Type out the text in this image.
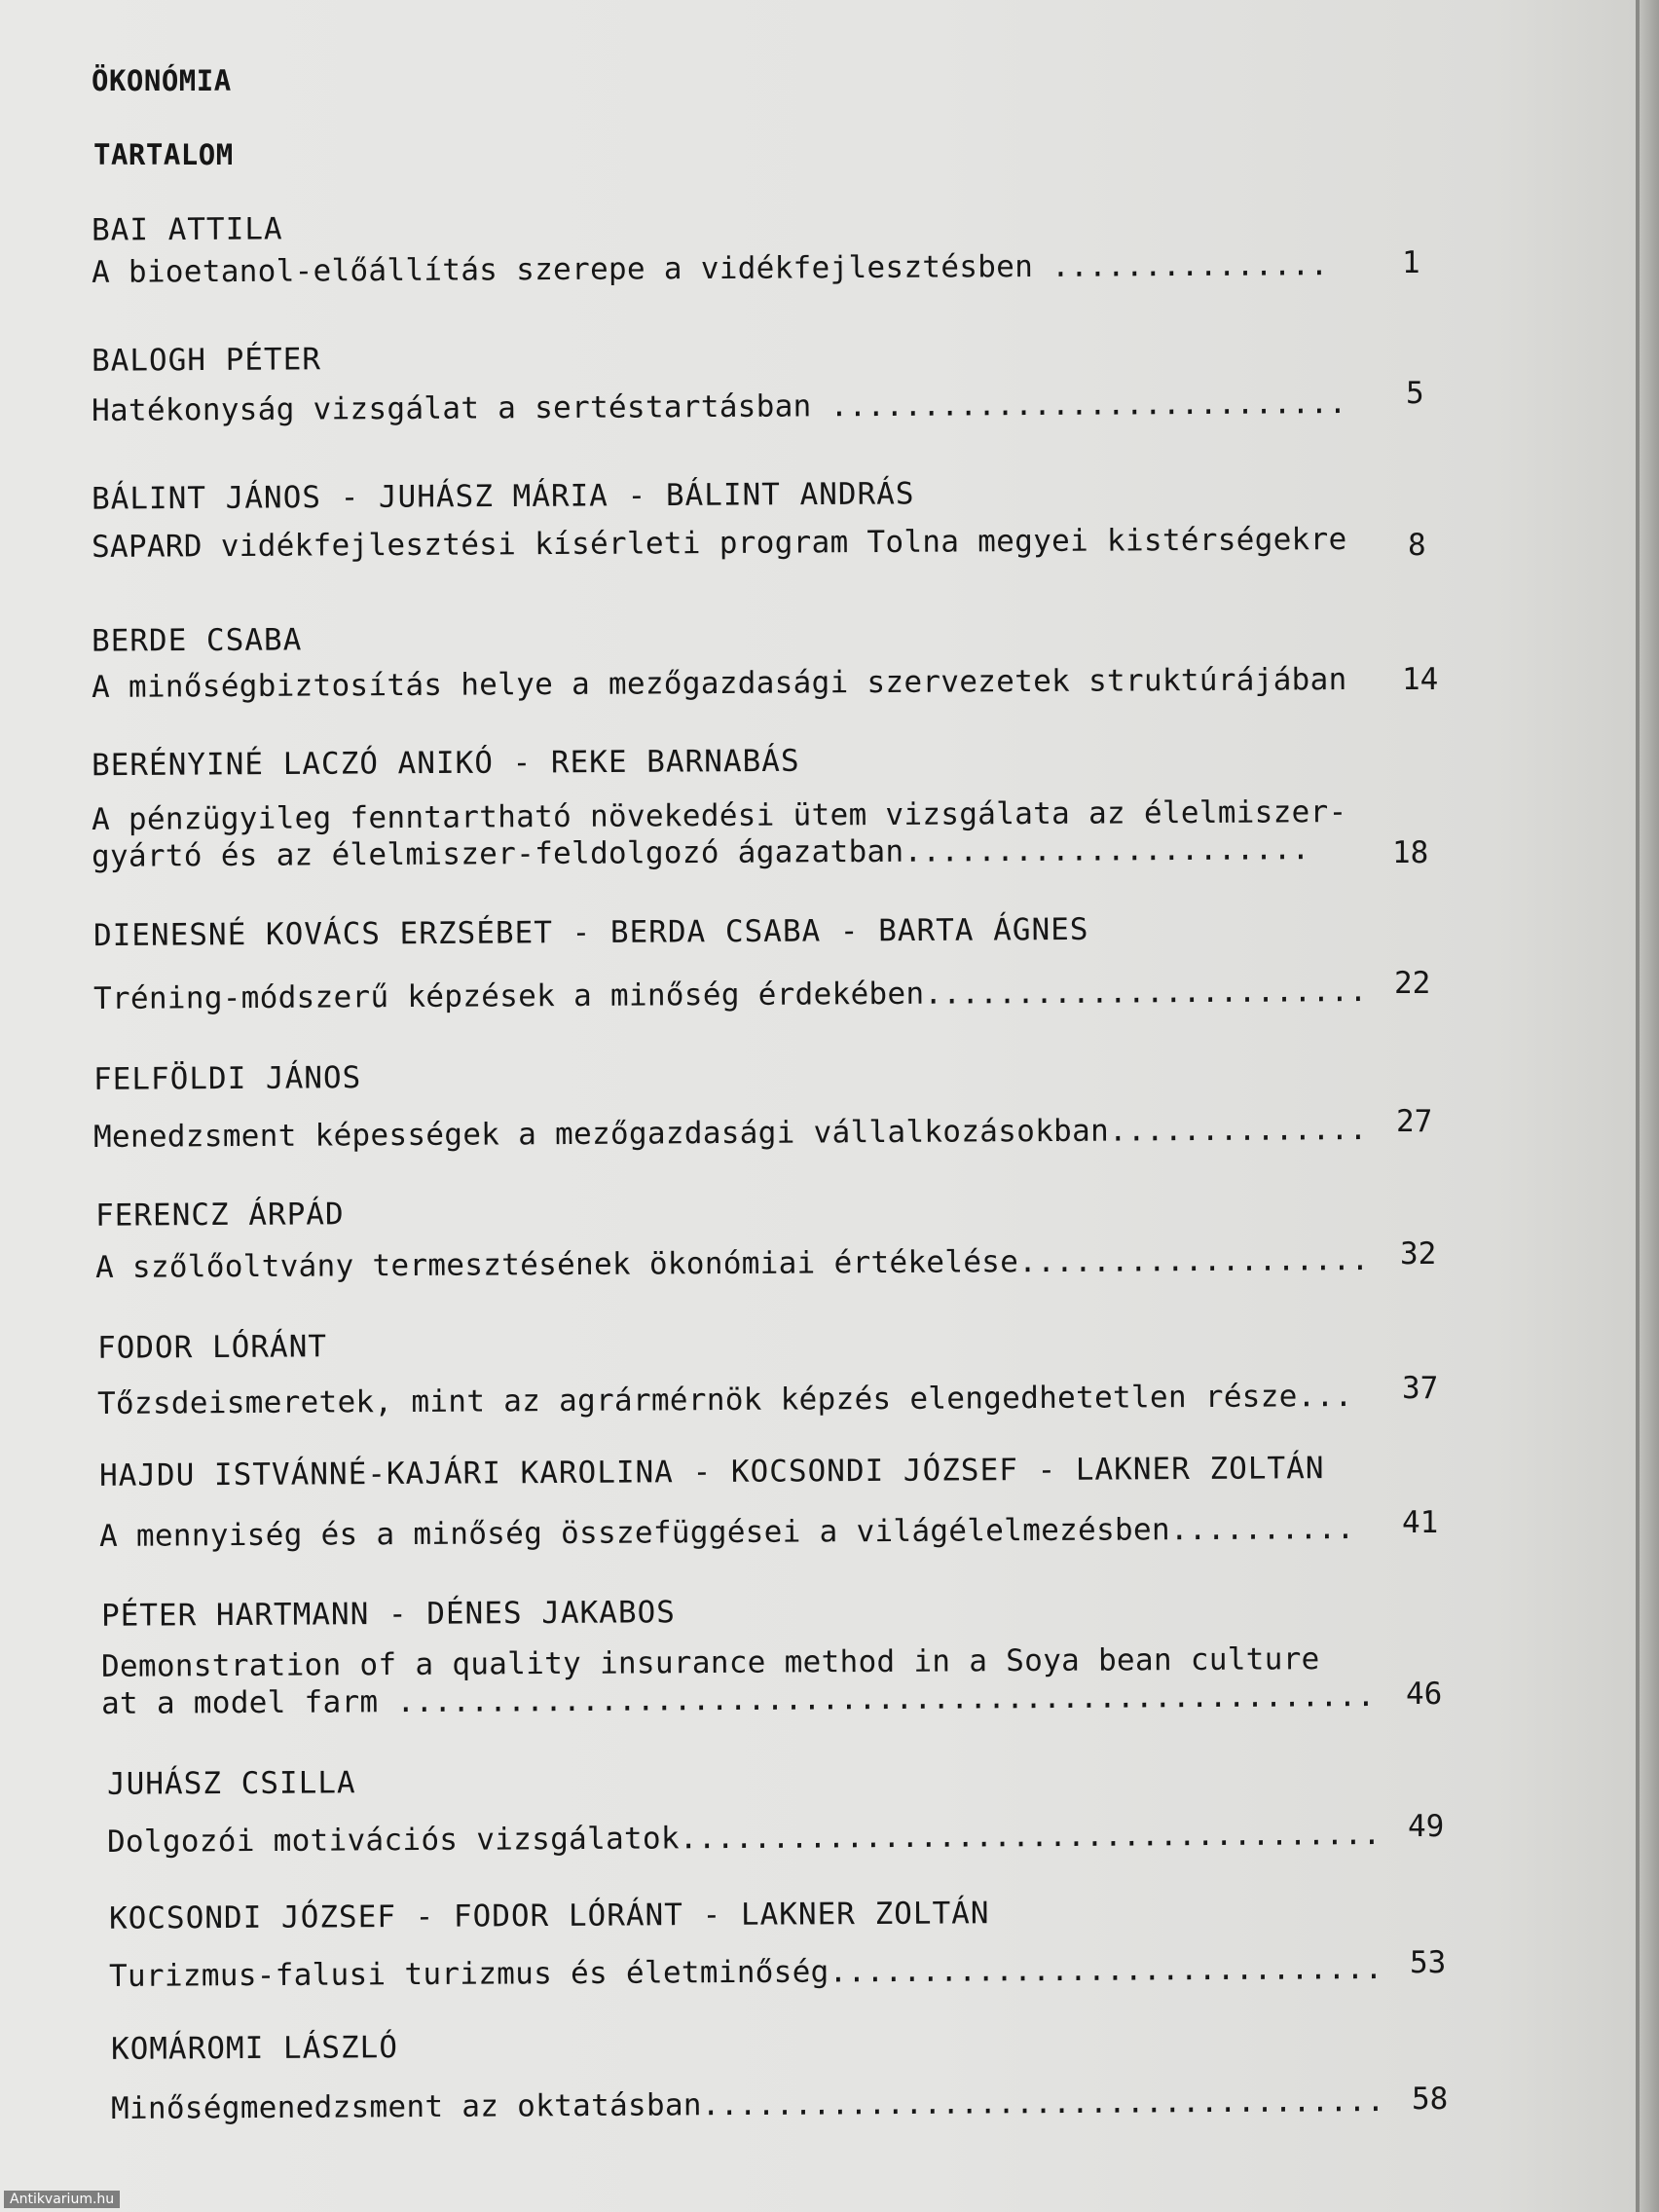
ÖKONÓMIA
TARTALOM
BAI ATTILA
A bioetanol-előállítás szerepe a vidékfejlesztésben ............... 1
BALOGH PÉTER
Hatékonyság vizsgálat a sertéstartásban ............................ 5
BÁLINT JÁNOS - JUHÁSZ MÁRIA - BÁLINT ANDRÁS
SAPARD vidékfejlesztési kísérleti program Tolna megyei kistérségekre 8
BERDE CSABA
A minőségbiztosítás helye a mezőgazdasági szervezetek struktúrájában 14
BERÉNYINÉ LACZÓ ANIKÓ - REKE BARNABÁS
A pénzügyileg fenntartható növekedési ütem vizsgálata az élelmiszer-
gyártó és az élelmiszer-feldolgozó ágazatban......................	18
DIENESNÉ KOVÁCS ERZSÉBET - BERDA CSABA - BARTA ÁGNES
Tréning-módszerű képzések a minőség érdekében........................ 22
FELFÖLDI JÁNOS
Menedzsment képességek a mezőgazdasági vállalkozásokban.............. 27
FERENCZ ÁRPÁD
A szőlőoltvány termesztésének ökonómiai értékelése................... 32
FODOR LÓRÁNT
Tőzsdeismeretek, mint az agrármérnök képzés elengedhetetlen része... 37
HAJDU ISTVÁNNÉ-KAJÁRI KAROLINA - KOCSONDI JÓZSEF - LAKNER ZOLTÁN
A mennyiség és a minőség összefüggései a világélelmezésben.......... 41
PÉTER HARTMANN - DÉNES JAKABOS
Demonstration of a quality insurance method in a Soya bean culture
at a model farm ..................................................... 46
JUHÁSZ CSILLA
Dolgozói motivációs vizsgálatok...................................... 49
KOCSONDI JÓZSEF - FODOR LÓRÁNT - LAKNER ZOLTÁN
Turizmus-falusi turizmus és életminőség.............................. 53
KOMÁROMI LÁSZLÓ
Minőségmenedzsment az oktatásban..................................... 58
Antikvarium.hu
